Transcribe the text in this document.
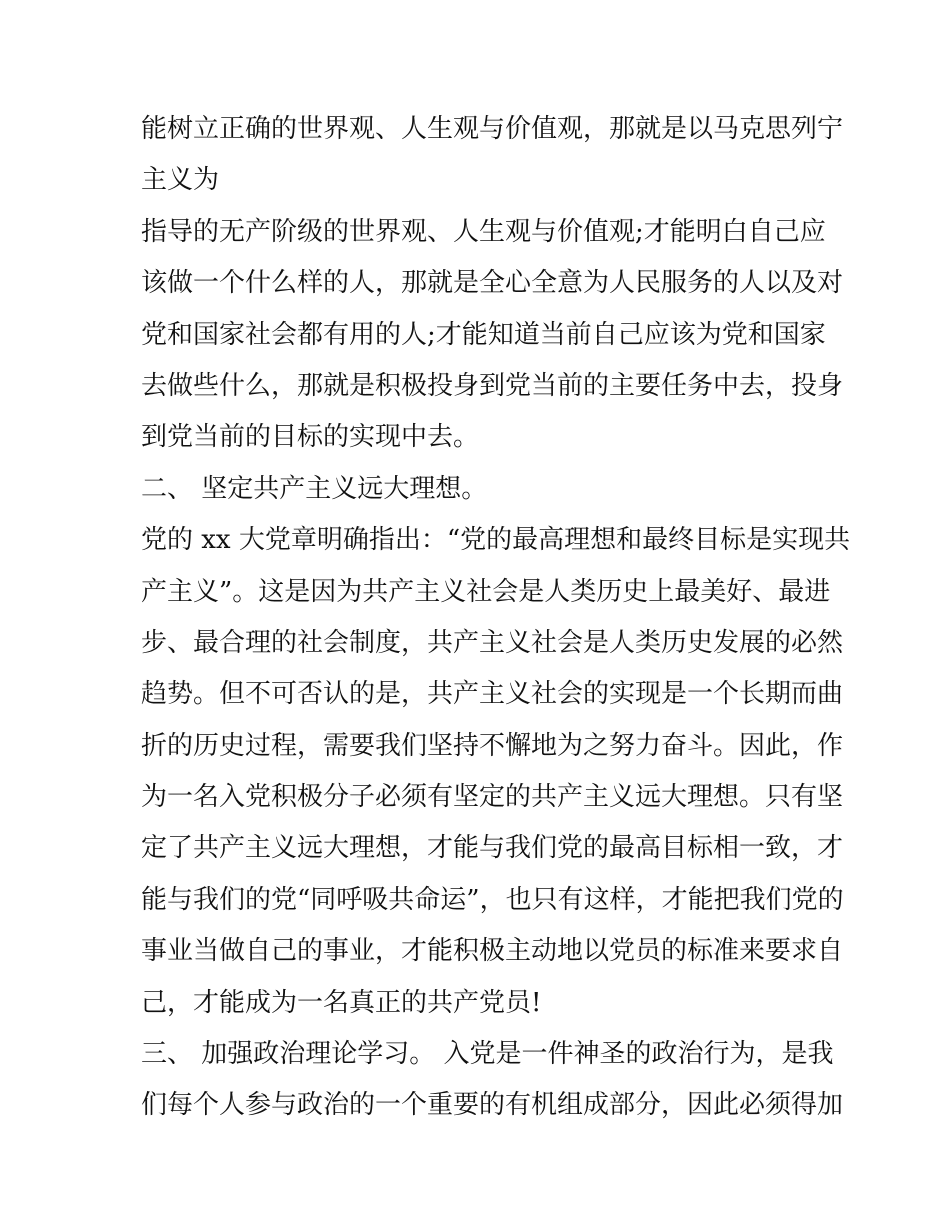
能树立正确的世界观、人生观与价值观，那就是以马克思列宁
主义为
指导的无产阶级的世界观、人生观与价值观;才能明白自己应
该做一个什么样的人，那就是全心全意为人民服务的人以及对
党和国家社会都有用的人;才能知道当前自己应该为党和国家
去做些什么，那就是积极投身到党当前的主要任务中去，投身
到党当前的目标的实现中去。
二、 坚定共产主义远大理想。
党的 xx 大党章明确指出：“党的最高理想和最终目标是实现共
产主义”。这是因为共产主义社会是人类历史上最美好、最进
步、最合理的社会制度，共产主义社会是人类历史发展的必然
趋势。但不可否认的是，共产主义社会的实现是一个长期而曲
折的历史过程，需要我们坚持不懈地为之努力奋斗。因此，作
为一名入党积极分子必须有坚定的共产主义远大理想。只有坚
定了共产主义远大理想，才能与我们党的最高目标相一致，才
能与我们的党“同呼吸共命运”，也只有这样，才能把我们党的
事业当做自己的事业，才能积极主动地以党员的标准来要求自
己，才能成为一名真正的共产党员!
三、 加强政治理论学习。 入党是一件神圣的政治行为，是我
们每个人参与政治的一个重要的有机组成部分，因此必须得加
